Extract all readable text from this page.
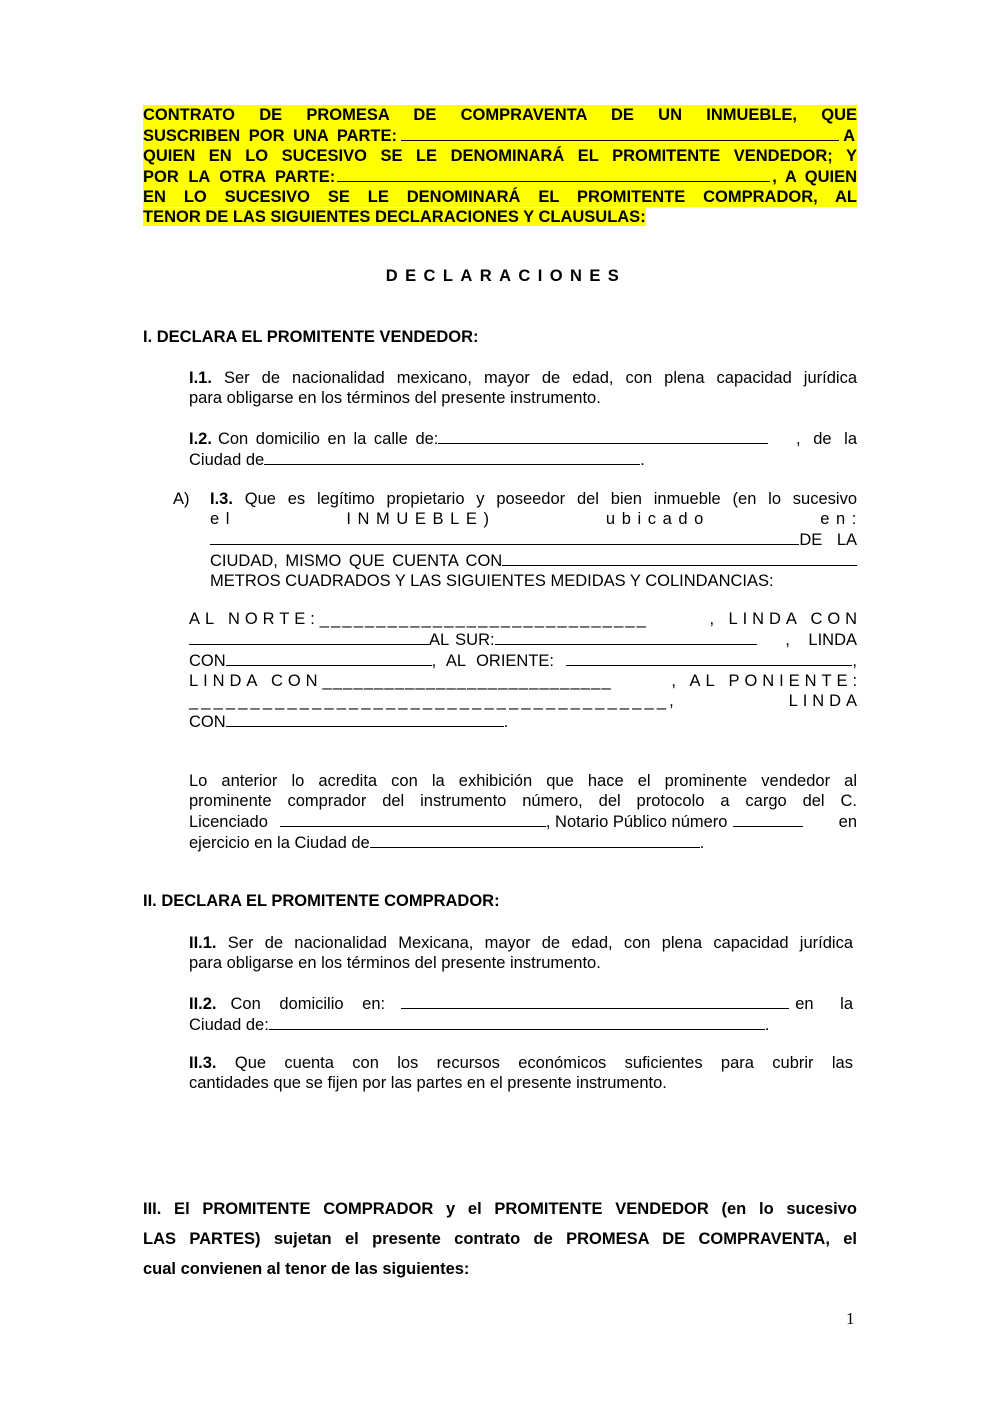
CONTRATO DE PROMESA DE COMPRAVENTA DE UN INMUEBLE, QUE
SUSCRIBEN POR UNA PARTE:	A
QUIEN EN LO SUCESIVO SE LE DENOMINARÁ EL PROMITENTE VENDEDOR; Y
POR LA OTRA PARTE:	, A QUIEN
EN LO SUCESIVO SE LE DENOMINARÁ EL PROMITENTE COMPRADOR, AL
TENOR DE LAS SIGUIENTES DECLARACIONES Y CLAUSULAS:
DECLARACIONES
I. DECLARA EL PROMITENTE VENDEDOR:
I.1. Ser de nacionalidad mexicano, mayor de edad, con plena capacidad jurídica
para obligarse en los términos del presente instrumento.
I.2. Con domicilio en la calle de:	, de la
Ciudad de	.
A) I.3. Que es legítimo propietario y poseedor del bien inmueble (en lo sucesivo
el	INMUEBLE)	ubicado	en:
DE LA
CIUDAD, MISMO QUE CUENTA CON
METROS CUADRADOS Y LAS SIGUIENTES MEDIDAS Y COLINDANCIAS:
AL NORTE: _____________________________	, LINDA CON
AL SUR:	, LINDA
CON	, AL ORIENTE:	,
LINDA CON ____________________________	, AL PONIENTE:
_______________________________________ ,	LINDA
CON	.
Lo anterior lo acredita con la exhibición que hace el prominente vendedor al
prominente comprador del instrumento número, del protocolo a cargo del C.
Licenciado	, Notario Público número	en
ejercicio en la Ciudad de	.
II. DECLARA EL PROMITENTE COMPRADOR:
II.1. Ser de nacionalidad Mexicana, mayor de edad, con plena capacidad jurídica
para obligarse en los términos del presente instrumento.
II.2. Con domicilio en:	en la
Ciudad de:	.
II.3. Que cuenta con los recursos económicos suficientes para cubrir las
cantidades que se fijen por las partes en el presente instrumento.
III. El PROMITENTE COMPRADOR y el PROMITENTE VENDEDOR (en lo sucesivo
LAS PARTES) sujetan el presente contrato de PROMESA DE COMPRAVENTA, el
cual convienen al tenor de las siguientes:
1
